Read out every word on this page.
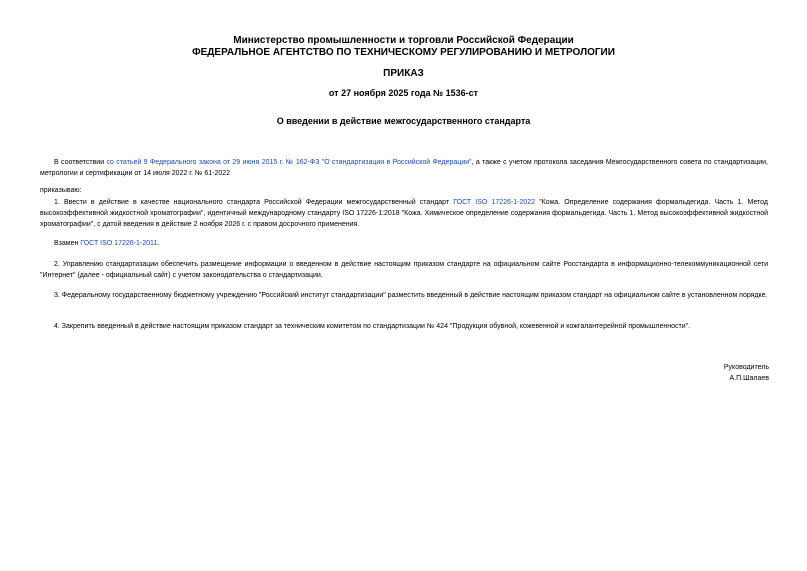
Министерство промышленности и торговли Российской Федерации
ФЕДЕРАЛЬНОЕ АГЕНТСТВО ПО ТЕХНИЧЕСКОМУ РЕГУЛИРОВАНИЮ И МЕТРОЛОГИИ
ПРИКАЗ
от 27 ноября 2025 года № 1536-ст
О введении в действие межгосударственного стандарта
В соответствии со статьей 9 Федерального закона от 29 июня 2015 г. № 162-ФЗ "О стандартизации в Российской Федерации", а также с учетом протокола заседания Межгосударственного совета по стандартизации, метрологии и сертификации от 14 июля 2022 г. № 61-2022
приказываю:
1. Ввести в действие в качестве национального стандарта Российской Федерации межгосударственный стандарт ГОСТ ISO 17226-1-2022 "Кожа. Определение содержания формальдегида. Часть 1. Метод высокоэффективной жидкостной хроматографии", идентичный международному стандарту ISO 17226-1:2018 "Кожа. Химическое определение содержания формальдегида. Часть 1. Метод высокоэффективной жидкостной хроматографии", с датой введения в действие 2 ноября 2026 г. с правом досрочного применения.
Взамен ГОСТ ISO 17226-1-2011.
2. Управлению стандартизации обеспечить размещение информации о введенном в действие настоящим приказом стандарте на официальном сайте Росстандарта в информационно-телекоммуникационной сети "Интернет" (далее - официальный сайт) с учетом законодательства о стандартизации.
3. Федеральному государственному бюджетному учреждению "Российский институт стандартизации" разместить введенный в действие настоящим приказом стандарт на официальном сайте в установленном порядке.
4. Закрепить введенный в действие настоящим приказом стандарт за техническим комитетом по стандартизации № 424 "Продукция обувной, кожевенной и кожгалантерейной промышленности".
Руководитель
А.П.Шалаев
